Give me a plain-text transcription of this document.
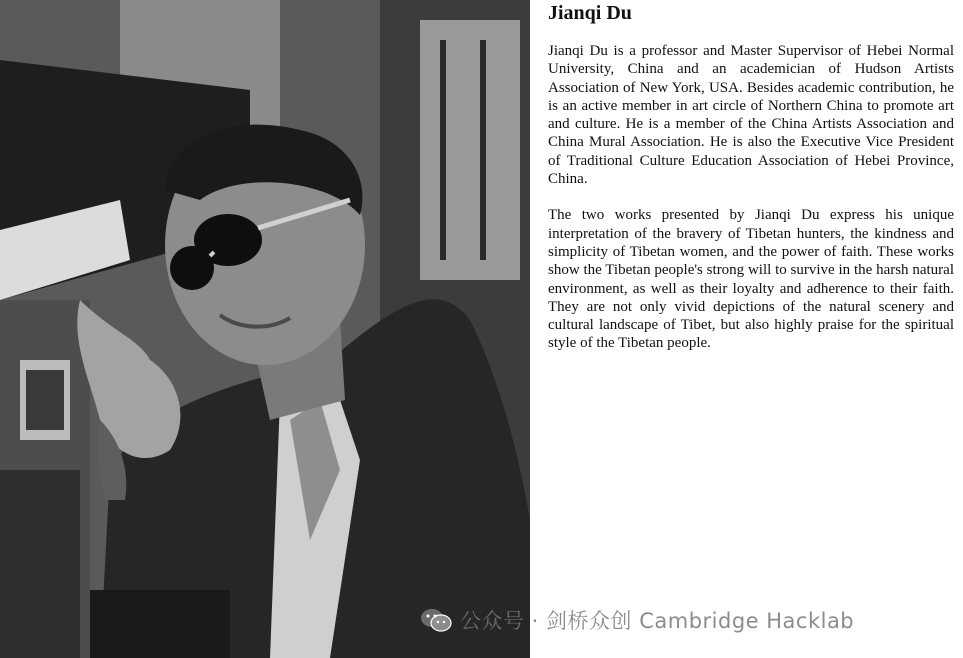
Jianqi Du

Jianqi Du is a professor and Master Supervisor of Hebei Normal University, China and an academician of Hudson Artists Association of New York, USA. Besides academic contribution, he is an active member in art circle of Northern China to promote art and culture. He is a member of the China Artists Association and China Mural Association. He is also the Executive Vice President of Traditional Culture Education Association of Hebei Province, China.

The two works presented by Jianqi Du express his unique interpretation of the bravery of Tibetan hunters, the kindness and simplicity of Tibetan women, and the power of faith. These works show the Tibetan people's strong will to survive in the harsh natural environment, as well as their loyalty and adherence to their faith. They are not only vivid depictions of the natural scenery and cultural landscape of Tibet, but also highly praise for the spiritual style of the Tibetan people.

公众号 · 剑桥众创 Cambridge Hacklab
